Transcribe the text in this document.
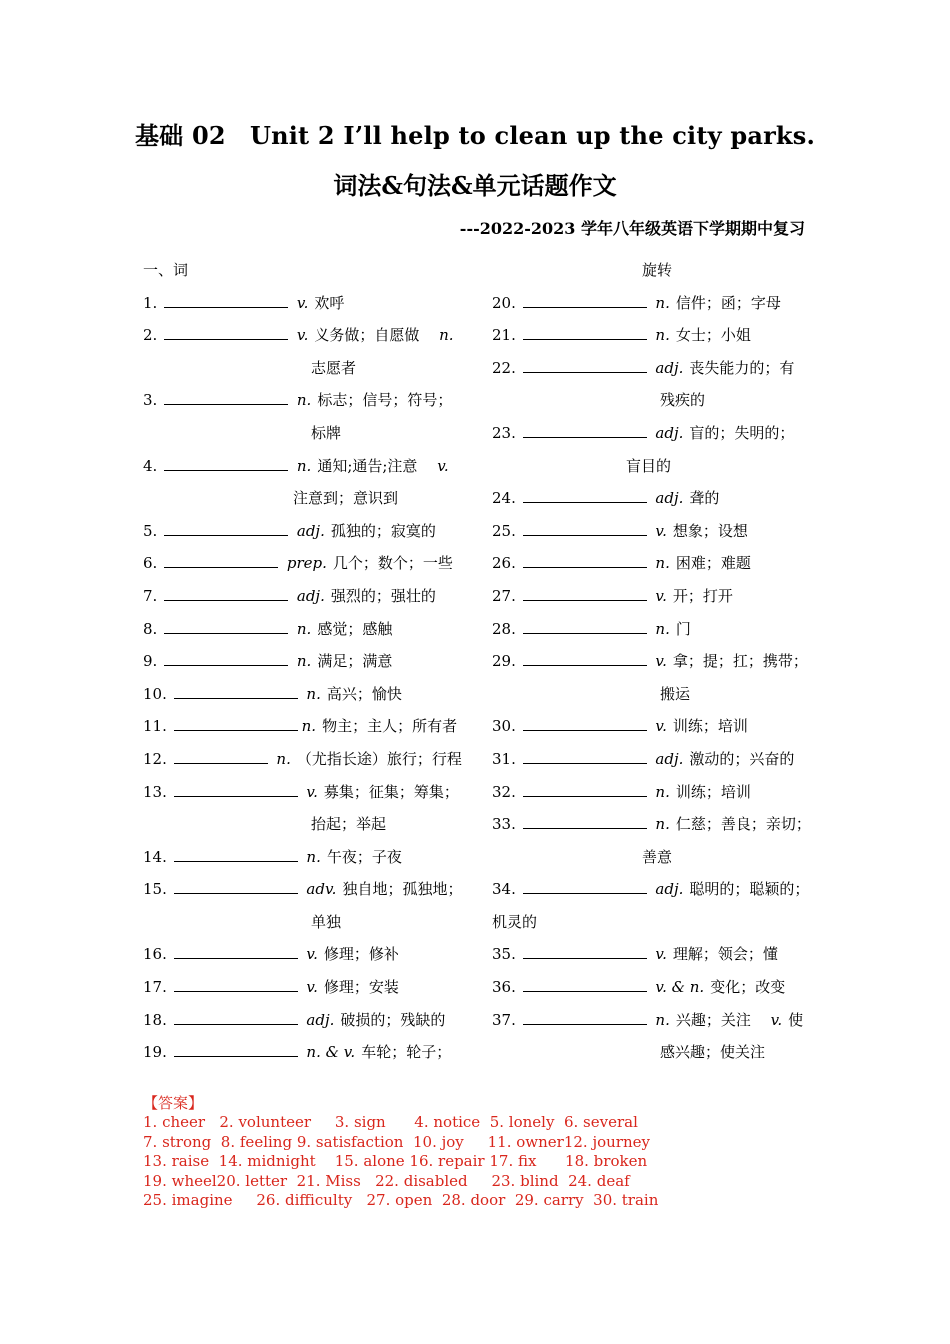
基础 02　Unit 2 I’ll help to clean up the city parks.
词法&句法&单元话题作文
---2022-2023 学年八年级英语下学期期中复习
一、词
1.	v. 欢呼
2.	v. 义务做；自愿做　 n.
志愿者
3.	n. 标志；信号；符号；
标牌
4.	n. 通知;通告;注意　 v.
注意到；意识到
5.	adj. 孤独的；寂寞的
6.	prep. 几个；数个；一些
7.	adj. 强烈的；强壮的
8.	n. 感觉；感触
9.	n. 满足；满意
10.	n. 高兴；愉快
11.	n. 物主；主人；所有者
12.	n. （尤指长途）旅行；行程
13.	v. 募集；征集；筹集；
抬起；举起
14.	n. 午夜；子夜
15.	adv. 独自地；孤独地；
单独
16.	v. 修理；修补
17.	v. 修理；安装
18.	adj. 破损的；残缺的
19.	n. & v. 车轮；轮子；
旋转
20.	n. 信件；函；字母
21.	n. 女士；小姐
22.	adj. 丧失能力的；有
残疾的
23.	adj. 盲的；失明的；
盲目的
24.	adj. 聋的
25.	v. 想象；设想
26.	n. 困难；难题
27.	v. 开；打开
28.	n. 门
29.	v. 拿；提；扛；携带；
搬运
30.	v. 训练；培训
31.	adj. 激动的；兴奋的
32.	n. 训练；培训
33.	n. 仁慈；善良；亲切；
善意
34.	adj. 聪明的；聪颖的；
机灵的
35.	v. 理解；领会；懂
36.	v. & n. 变化；改变
37.	n. 兴趣；关注　 v. 使
感兴趣；使关注
【答案】
1. cheer   2. volunteer     3. sign      4. notice  5. lonely  6. several
7. strong  8. feeling 9. satisfaction  10. joy     11. owner12. journey
13. raise  14. midnight    15. alone 16. repair 17. fix      18. broken
19. wheel20. letter  21. Miss   22. disabled     23. blind  24. deaf
25. imagine     26. difficulty   27. open  28. door  29. carry  30. train
